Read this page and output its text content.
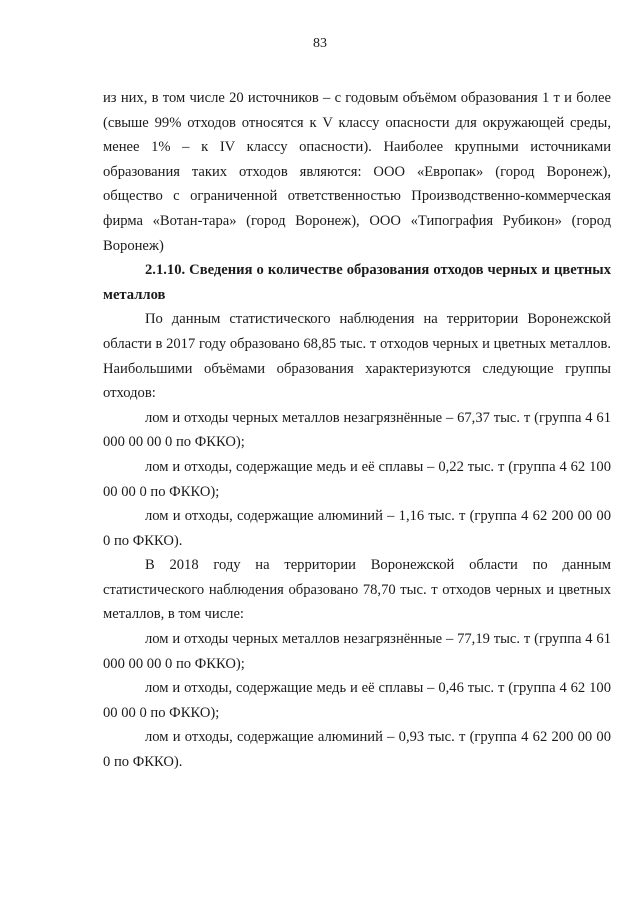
83

из них, в том числе 20 источников – с годовым объёмом образования 1 т и более (свыше 99% отходов относятся к V классу опасности для окружающей среды, менее 1% – к IV классу опасности). Наиболее крупными источниками образования таких отходов являются: ООО «Европак» (город Воронеж), общество с ограниченной ответственностью Производственно-коммерческая фирма «Вотан-тара» (город Воронеж), ООО «Типография Рубикон» (город Воронеж)

2.1.10. Сведения о количестве образования отходов черных и цветных металлов

По данным статистического наблюдения на территории Воронежской области в 2017 году образовано 68,85 тыс. т отходов черных и цветных металлов. Наибольшими объёмами образования характеризуются следующие группы отходов:

лом и отходы черных металлов незагрязнённые – 67,37 тыс. т (группа 4 61 000 00 00 0 по ФККО);

лом и отходы, содержащие медь и её сплавы – 0,22 тыс. т (группа 4 62 100 00 00 0 по ФККО);

лом и отходы, содержащие алюминий – 1,16 тыс. т (группа 4 62 200 00 00 0 по ФККО).

В 2018 году на территории Воронежской области по данным статистического наблюдения образовано 78,70 тыс. т отходов черных и цветных металлов, в том числе:

лом и отходы черных металлов незагрязнённые – 77,19 тыс. т (группа 4 61 000 00 00 0 по ФККО);

лом и отходы, содержащие медь и её сплавы – 0,46 тыс. т (группа 4 62 100 00 00 0 по ФККО);

лом и отходы, содержащие алюминий – 0,93 тыс. т (группа 4 62 200 00 00 0 по ФККО).
